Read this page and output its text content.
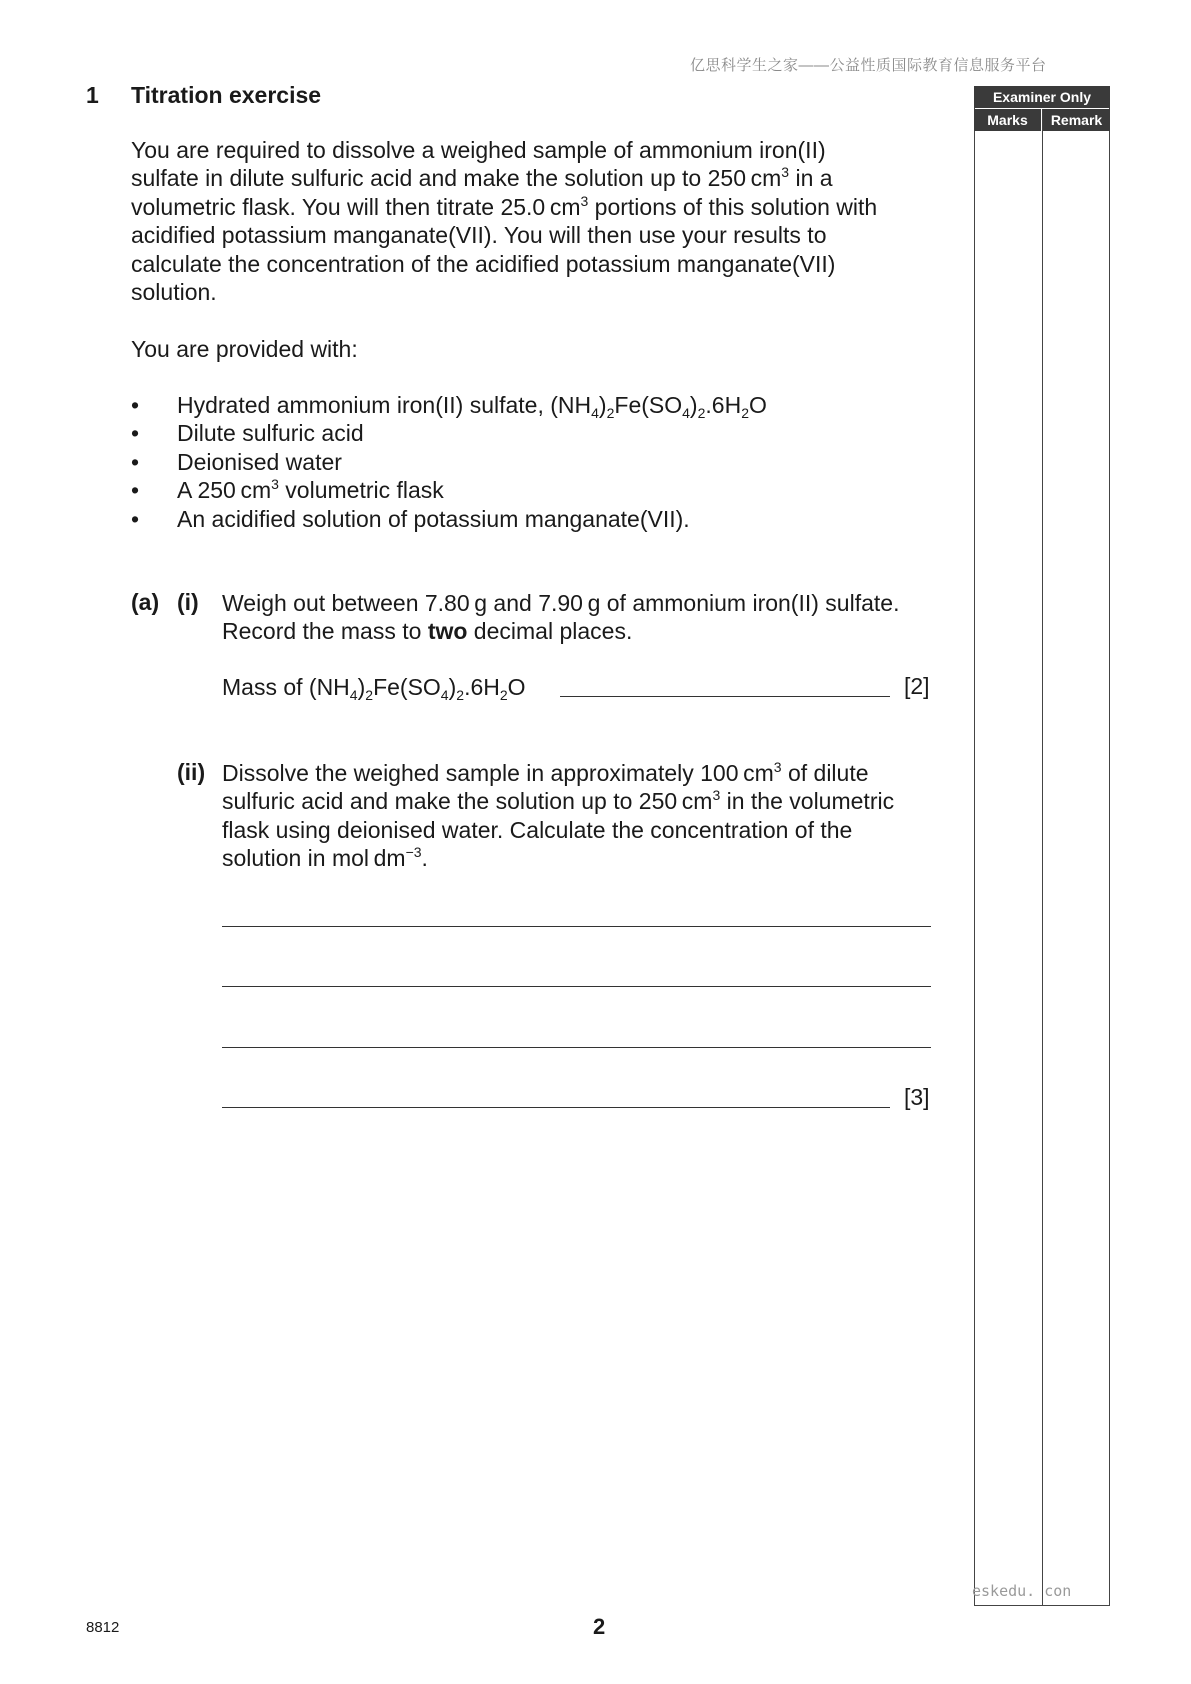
亿思科学生之家——公益性质国际教育信息服务平台
1 Titration exercise
You are required to dissolve a weighed sample of ammonium iron(II)
sulfate in dilute sulfuric acid and make the solution up to 250 $cm^3$ in a
volumetric flask. You will then titrate 25.0 $cm^3$ portions of this solution with
acidified potassium manganate(VII). You will then use your results to
calculate the concentration of the acidified potassium manganate(VII)
solution.
You are provided with:
• Hydrated ammonium iron(II) sulfate, $(NH_4)_2Fe(SO_4)_2.6H_2O$
• Dilute sulfuric acid
• Deionised water
• A 250 $cm^3$ volumetric flask
• An acidified solution of potassium manganate(VII).
(a) (i) Weigh out between 7.80 g and 7.90 g of ammonium iron(II) sulfate.
Record the mass to two decimal places.
Mass of $(NH_4)_2Fe(SO_4)_2.6H_2O$	[2]
(ii) Dissolve the weighed sample in approximately 100 $cm^3$ of dilute
sulfuric acid and make the solution up to 250 $cm^3$ in the volumetric
flask using deionised water. Calculate the concentration of the
solution in mol $dm^{-3}$.
[3]
Examiner Only
Marks	Remark
eskedu. con
8812	2
